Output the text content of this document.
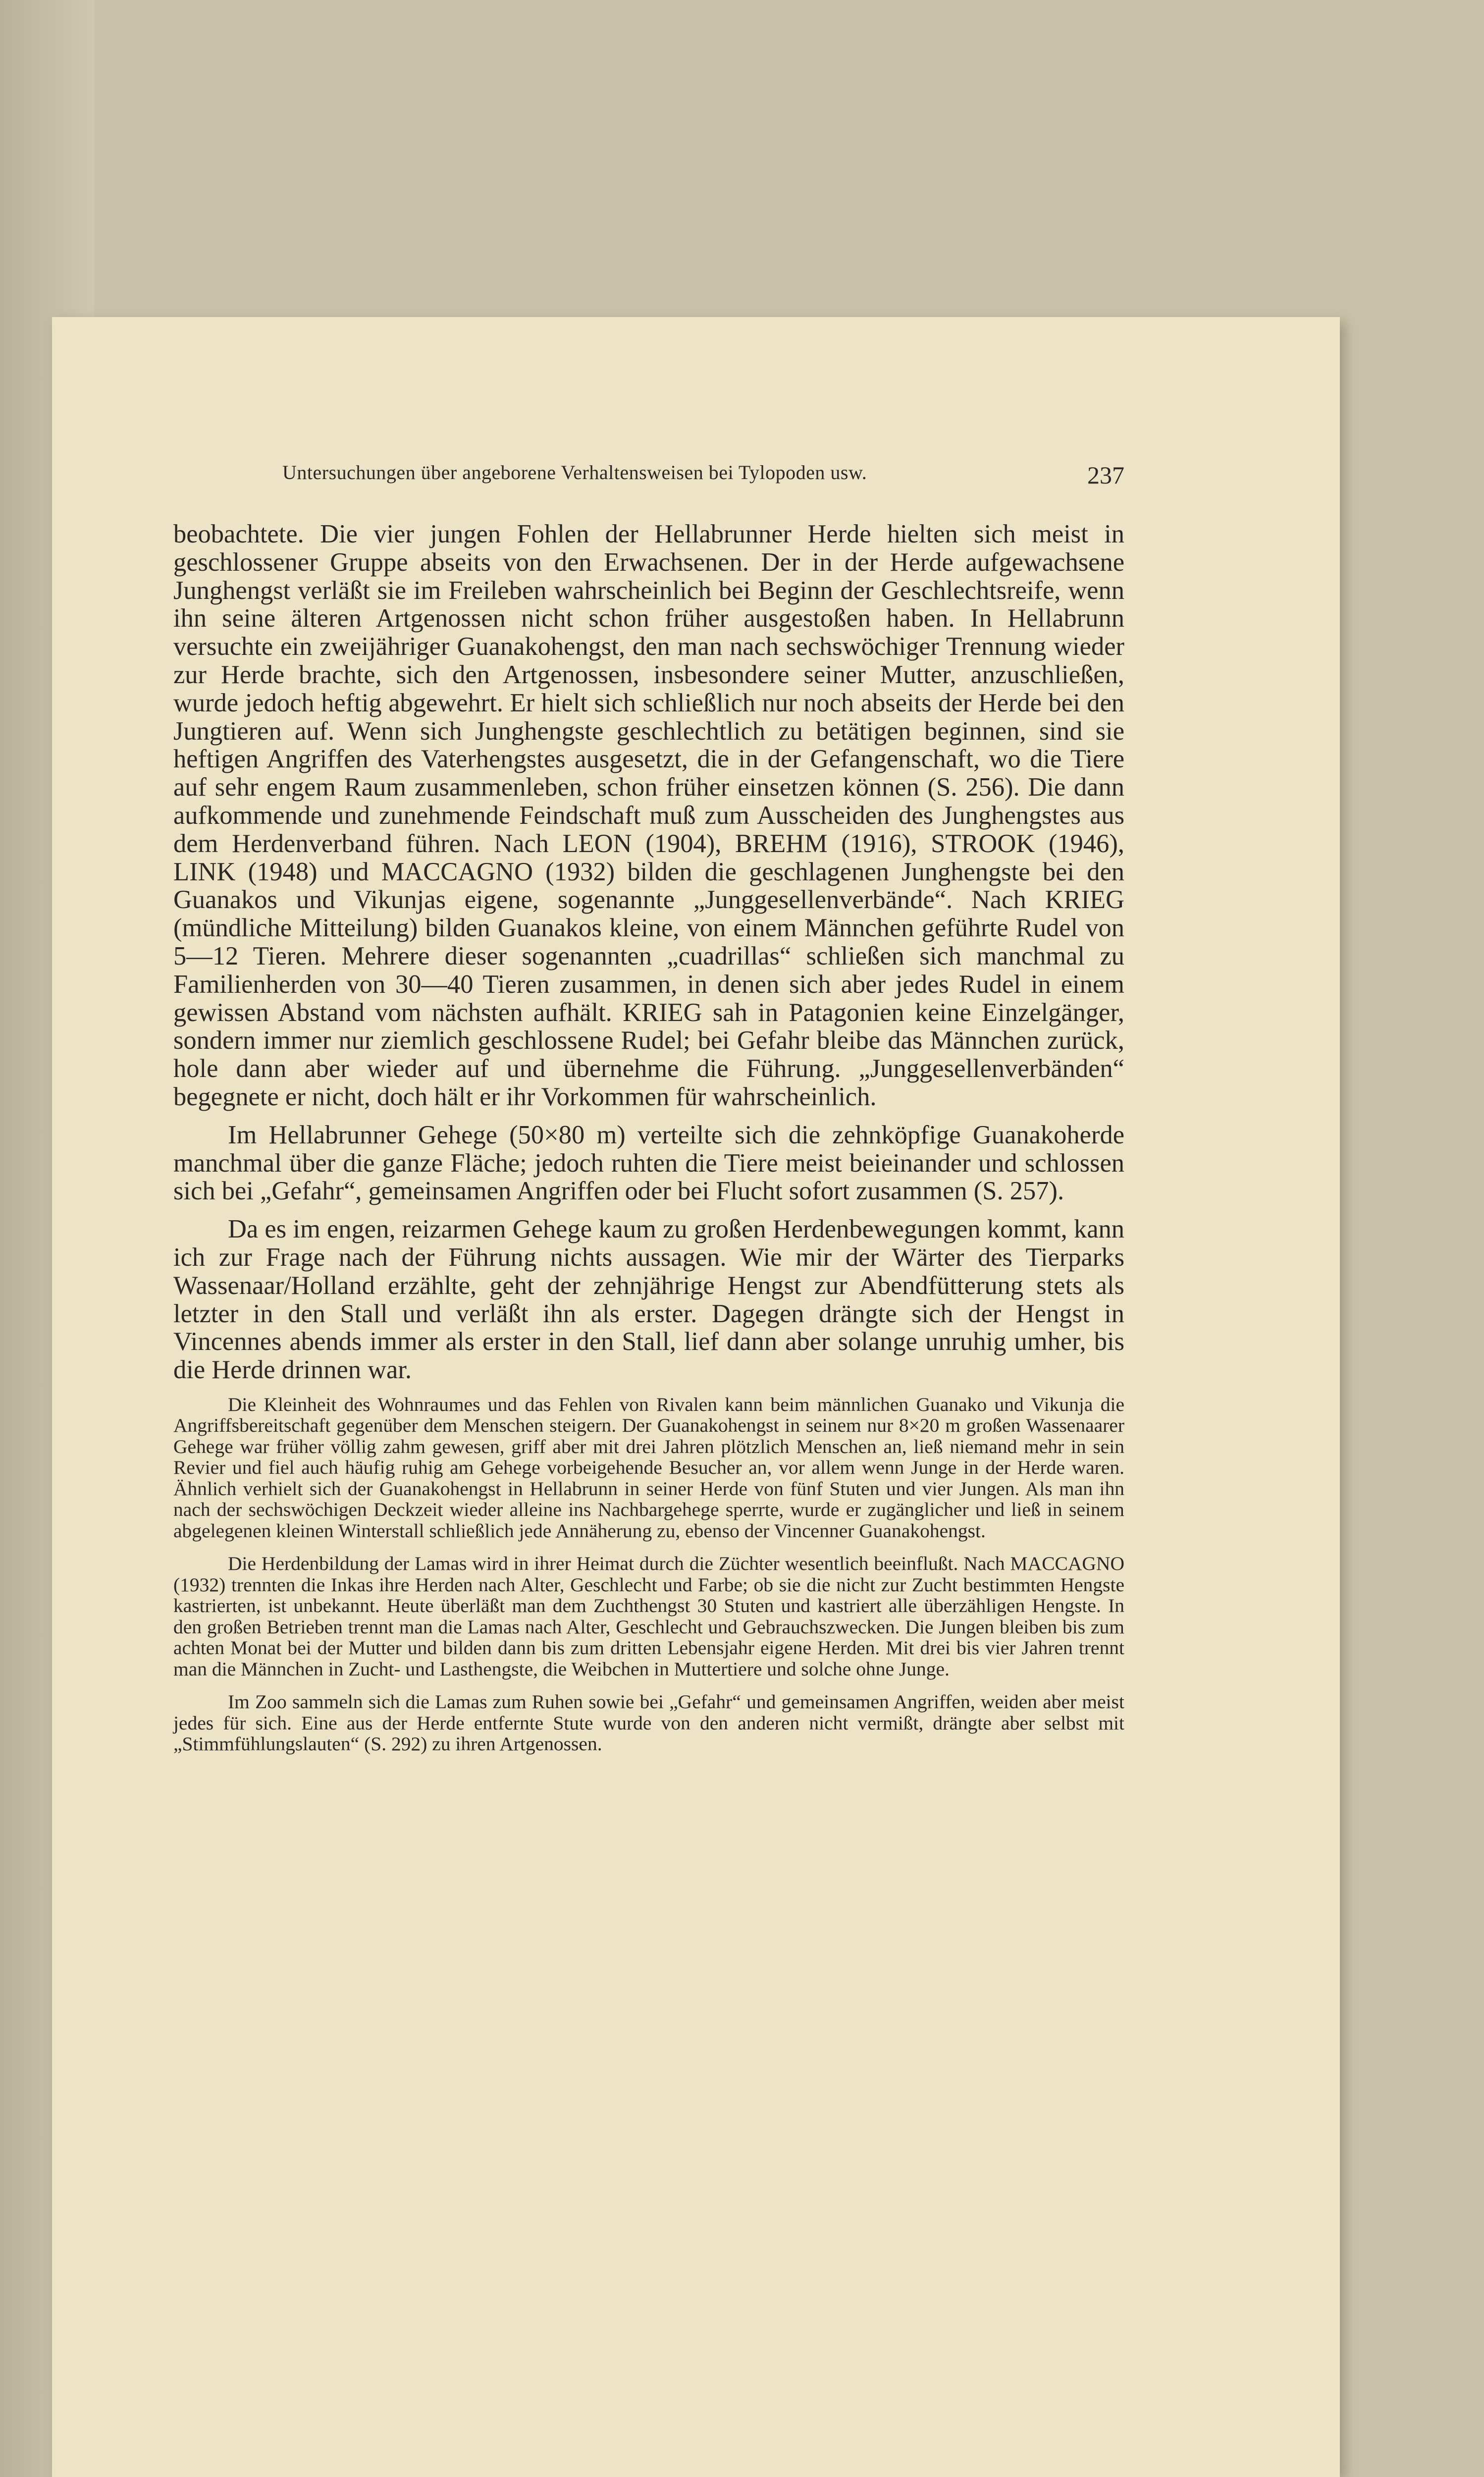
Untersuchungen über angeborene Verhaltensweisen bei Tylopoden usw.	237

beobachtete. Die vier jungen Fohlen der Hellabrunner Herde hielten sich meist in geschlossener Gruppe abseits von den Erwachsenen. Der in der Herde aufgewachsene Junghengst verläßt sie im Freileben wahrscheinlich bei Beginn der Geschlechtsreife, wenn ihn seine älteren Artgenossen nicht schon früher ausgestoßen haben. In Hellabrunn versuchte ein zweijähriger Guanakohengst, den man nach sechswöchiger Trennung wieder zur Herde brachte, sich den Artgenossen, insbesondere seiner Mutter, anzuschließen, wurde jedoch heftig abgewehrt. Er hielt sich schließlich nur noch abseits der Herde bei den Jungtieren auf. Wenn sich Junghengste geschlechtlich zu betätigen beginnen, sind sie heftigen Angriffen des Vaterhengstes ausgesetzt, die in der Gefangenschaft, wo die Tiere auf sehr engem Raum zusammenleben, schon früher einsetzen können (S. 256). Die dann aufkommende und zunehmende Feindschaft muß zum Ausscheiden des Junghengstes aus dem Herdenverband führen. Nach LEON (1904), BREHM (1916), STROOK (1946), LINK (1948) und MACCAGNO (1932) bilden die geschlagenen Junghengste bei den Guanakos und Vikunjas eigene, sogenannte „Junggesellenverbände“. Nach KRIEG (mündliche Mitteilung) bilden Guanakos kleine, von einem Männchen geführte Rudel von 5—12 Tieren. Mehrere dieser sogenannten „cuadrillas“ schließen sich manchmal zu Familienherden von 30—40 Tieren zusammen, in denen sich aber jedes Rudel in einem gewissen Abstand vom nächsten aufhält. KRIEG sah in Patagonien keine Einzelgänger, sondern immer nur ziemlich geschlossene Rudel; bei Gefahr bleibe das Männchen zurück, hole dann aber wieder auf und übernehme die Führung. „Junggesellenverbänden“ begegnete er nicht, doch hält er ihr Vorkommen für wahrscheinlich.

Im Hellabrunner Gehege (50×80 m) verteilte sich die zehnköpfige Guanakoherde manchmal über die ganze Fläche; jedoch ruhten die Tiere meist beieinander und schlossen sich bei „Gefahr“, gemeinsamen Angriffen oder bei Flucht sofort zusammen (S. 257).

Da es im engen, reizarmen Gehege kaum zu großen Herdenbewegungen kommt, kann ich zur Frage nach der Führung nichts aussagen. Wie mir der Wärter des Tierparks Wassenaar/Holland erzählte, geht der zehnjährige Hengst zur Abendfütterung stets als letzter in den Stall und verläßt ihn als erster. Dagegen drängte sich der Hengst in Vincennes abends immer als erster in den Stall, lief dann aber solange unruhig umher, bis die Herde drinnen war.

Die Kleinheit des Wohnraumes und das Fehlen von Rivalen kann beim männlichen Guanako und Vikunja die Angriffsbereitschaft gegenüber dem Menschen steigern. Der Guanakohengst in seinem nur 8×20 m großen Wassenaarer Gehege war früher völlig zahm gewesen, griff aber mit drei Jahren plötzlich Menschen an, ließ niemand mehr in sein Revier und fiel auch häufig ruhig am Gehege vorbeigehende Besucher an, vor allem wenn Junge in der Herde waren. Ähnlich verhielt sich der Guanakohengst in Hellabrunn in seiner Herde von fünf Stuten und vier Jungen. Als man ihn nach der sechswöchigen Deckzeit wieder alleine ins Nachbargehege sperrte, wurde er zugänglicher und ließ in seinem abgelegenen kleinen Winterstall schließlich jede Annäherung zu, ebenso der Vincenner Guanakohengst.

Die Herdenbildung der Lamas wird in ihrer Heimat durch die Züchter wesentlich beeinflußt. Nach MACCAGNO (1932) trennten die Inkas ihre Herden nach Alter, Geschlecht und Farbe; ob sie die nicht zur Zucht bestimmten Hengste kastrierten, ist unbekannt. Heute überläßt man dem Zuchthengst 30 Stuten und kastriert alle überzähligen Hengste. In den großen Betrieben trennt man die Lamas nach Alter, Geschlecht und Gebrauchszwecken. Die Jungen bleiben bis zum achten Monat bei der Mutter und bilden dann bis zum dritten Lebensjahr eigene Herden. Mit drei bis vier Jahren trennt man die Männchen in Zucht- und Lasthengste, die Weibchen in Muttertiere und solche ohne Junge.

Im Zoo sammeln sich die Lamas zum Ruhen sowie bei „Gefahr“ und gemeinsamen Angriffen, weiden aber meist jedes für sich. Eine aus der Herde entfernte Stute wurde von den anderen nicht vermißt, drängte aber selbst mit „Stimmfühlungslauten“ (S. 292) zu ihren Artgenossen.
